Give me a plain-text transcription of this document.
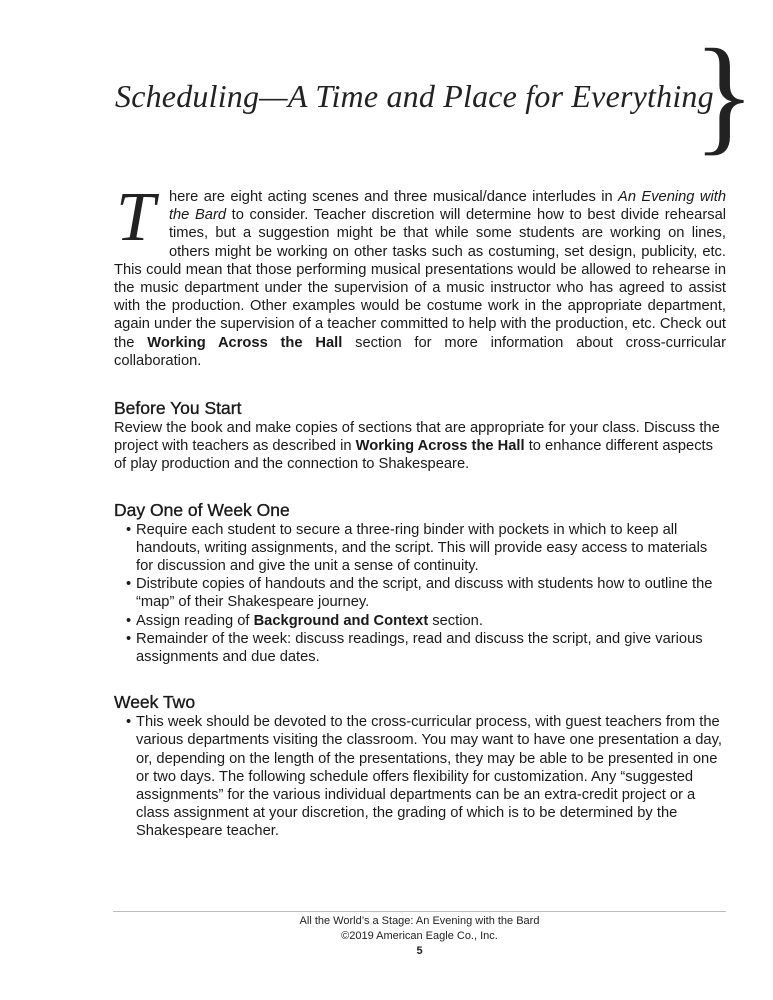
Scheduling—A Time and Place for Everything
}

There are eight acting scenes and three musical/dance interludes in An Evening with the Bard to consider. Teacher discretion will determine how to best divide rehearsal times, but a suggestion might be that while some students are working on lines, others might be working on other tasks such as costuming, set design, publicity, etc. This could mean that those performing musical presentations would be allowed to rehearse in the music department under the supervision of a music instructor who has agreed to assist with the production. Other examples would be costume work in the appropriate department, again under the supervision of a teacher committed to help with the production, etc. Check out the Working Across the Hall section for more information about cross-curricular collaboration.

Before You Start

Review the book and make copies of sections that are appropriate for your class. Discuss the project with teachers as described in Working Across the Hall to enhance different aspects of play production and the connection to Shakespeare.

Day One of Week One
• Require each student to secure a three-ring binder with pockets in which to keep all handouts, writing assignments, and the script. This will provide easy access to materials for discussion and give the unit a sense of continuity.
• Distribute copies of handouts and the script, and discuss with students how to outline the “map” of their Shakespeare journey.
• Assign reading of Background and Context section.
• Remainder of the week: discuss readings, read and discuss the script, and give various assignments and due dates.
Week Two
• This week should be devoted to the cross-curricular process, with guest teachers from the various departments visiting the classroom. You may want to have one presentation a day, or, depending on the length of the presentations, they may be able to be presented in one or two days. The following schedule offers flexibility for customization. Any “suggested assignments” for the various individual departments can be an extra-credit project or a class assignment at your discretion, the grading of which is to be determined by the Shakespeare teacher.
All the World’s a Stage: An Evening with the Bard
©2019 American Eagle Co., Inc.
5
